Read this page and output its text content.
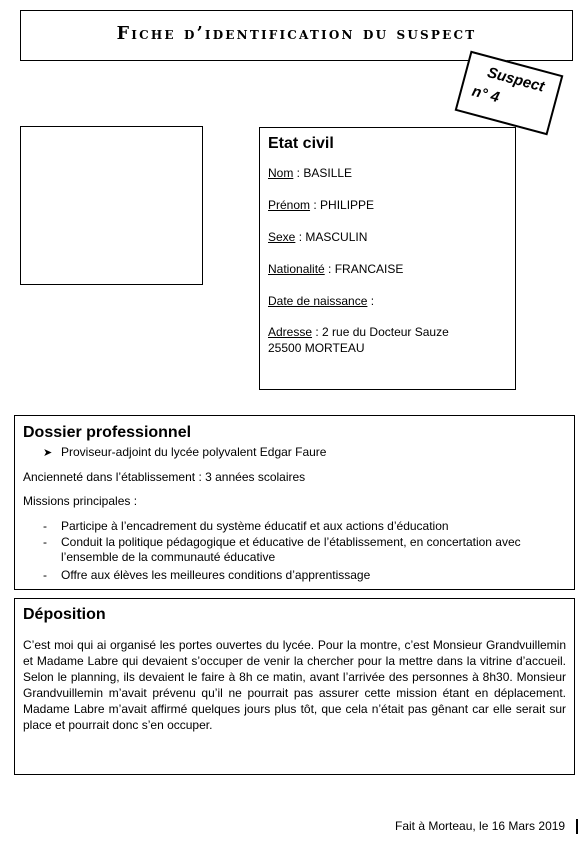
Fiche d’identification du suspect
Suspect
n° 4
Etat civil
Nom : BASILLE
Prénom : PHILIPPE
Sexe : MASCULIN
Nationalité : FRANCAISE
Date de naissance :
Adresse : 2 rue du Docteur Sauze
25500 MORTEAU
Dossier professionnel
➤ Proviseur-adjoint du lycée polyvalent Edgar Faure
Ancienneté dans l’établissement : 3 années scolaires
Missions principales :
- Participe à l’encadrement du système éducatif et aux actions d’éducation
- Conduit la politique pédagogique et éducative de l’établissement, en concertation avec
l’ensemble de la communauté éducative
- Offre aux élèves les meilleures conditions d’apprentissage
Déposition
C’est moi qui ai organisé les portes ouvertes du lycée. Pour la montre, c’est Monsieur Grandvuillemin et Madame Labre qui devaient s’occuper de venir la chercher pour la mettre dans la vitrine d’accueil. Selon le planning, ils devaient le faire à 8h ce matin, avant l’arrivée des personnes à 8h30. Monsieur Grandvuillemin m’avait prévenu qu’il ne pourrait pas assurer cette mission étant en déplacement. Madame Labre m’avait affirmé quelques jours plus tôt, que cela n’était pas gênant car elle serait sur place et pourrait donc s’en occuper.
Fait à Morteau, le 16 Mars 2019
